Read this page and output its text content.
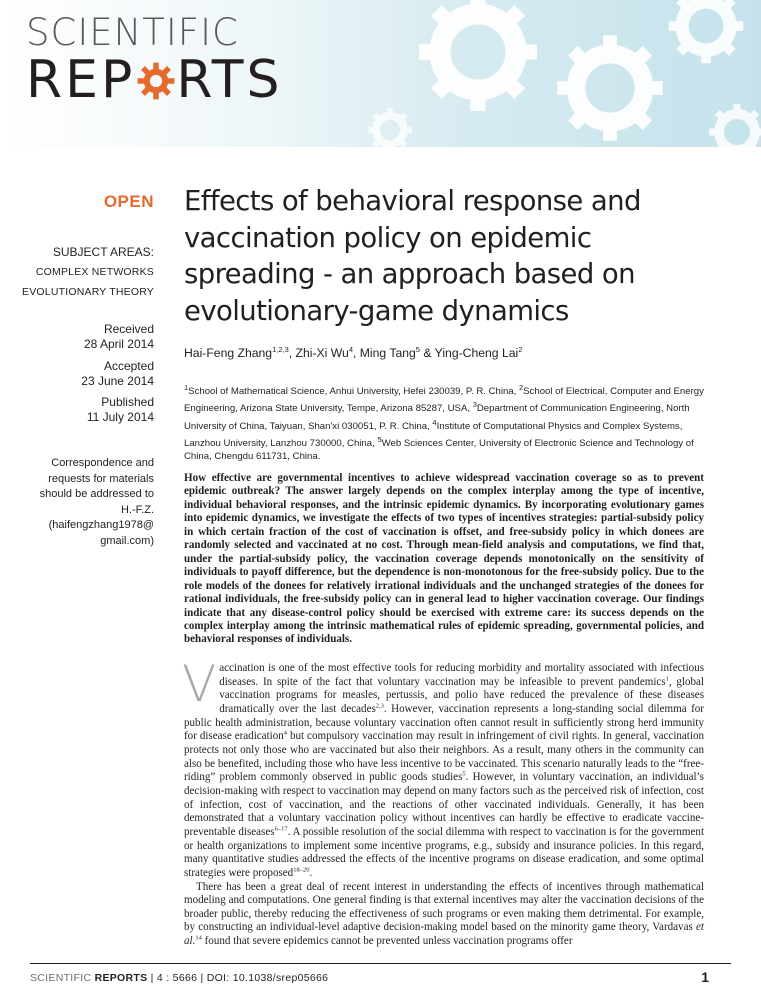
SCIENTIFIC
REP RTS
OPEN
SUBJECT AREAS:
COMPLEX NETWORKS
EVOLUTIONARY THEORY
Received
28 April 2014
Accepted
23 June 2014
Published
11 July 2014
Correspondence and
requests for materials
should be addressed to
H.-F.Z.
(haifengzhang1978@
gmail.com)
Effects of behavioral response and
vaccination policy on epidemic
spreading - an approach based on
evolutionary-game dynamics
Hai-Feng Zhang$^{1,2,3}$, Zhi-Xi Wu$^4$, Ming Tang$^5$ & Ying-Cheng Lai$^2$
$^1$School of Mathematical Science, Anhui University, Hefei 230039, P. R. China, $^2$School of Electrical, Computer and Energy Engineering, Arizona State University, Tempe, Arizona 85287, USA, $^3$Department of Communication Engineering, North University of China, Taiyuan, Shan'xi 030051, P. R. China, $^4$Institute of Computational Physics and Complex Systems, Lanzhou University, Lanzhou 730000, China, $^5$Web Sciences Center, University of Electronic Science and Technology of China, Chengdu 611731, China.
How effective are governmental incentives to achieve widespread vaccination coverage so as to prevent epidemic outbreak? The answer largely depends on the complex interplay among the type of incentive, individual behavioral responses, and the intrinsic epidemic dynamics. By incorporating evolutionary games into epidemic dynamics, we investigate the effects of two types of incentives strategies: partial-subsidy policy in which certain fraction of the cost of vaccination is offset, and free-subsidy policy in which donees are randomly selected and vaccinated at no cost. Through mean-field analysis and computations, we find that, under the partial-subsidy policy, the vaccination coverage depends monotonically on the sensitivity of individuals to payoff difference, but the dependence is non-monotonous for the free-subsidy policy. Due to the role models of the donees for relatively irrational individuals and the unchanged strategies of the donees for rational individuals, the free-subsidy policy can in general lead to higher vaccination coverage. Our findings indicate that any disease-control policy should be exercised with extreme care: its success depends on the complex interplay among the intrinsic mathematical rules of epidemic spreading, governmental policies, and behavioral responses of individuals.

Vaccination is one of the most effective tools for reducing morbidity and mortality associated with infectious diseases. In spite of the fact that voluntary vaccination may be infeasible to prevent pandemics$^1$, global vaccination programs for measles, pertussis, and polio have reduced the prevalence of these diseases dramatically over the last decades$^{2,3}$. However, vaccination represents a long-standing social dilemma for public health administration, because voluntary vaccination often cannot result in sufficiently strong herd immunity for disease eradication$^4$ but compulsory vaccination may result in infringement of civil rights. In general, vaccination protects not only those who are vaccinated but also their neighbors. As a result, many others in the community can also be benefited, including those who have less incentive to be vaccinated. This scenario naturally leads to the “free-riding” problem commonly observed in public goods studies$^5$. However, in voluntary vaccination, an individual’s decision-making with respect to vaccination may depend on many factors such as the perceived risk of infection, cost of infection, cost of vaccination, and the reactions of other vaccinated individuals. Generally, it has been demonstrated that a voluntary vaccination policy without incentives can hardly be effective to eradicate vaccine-preventable diseases$^{6-17}$. A possible resolution of the social dilemma with respect to vaccination is for the government or health organizations to implement some incentive programs, e.g., subsidy and insurance policies. In this regard, many quantitative studies addressed the effects of the incentive programs on disease eradication, and some optimal strategies were proposed$^{18-20}$.

There has been a great deal of recent interest in understanding the effects of incentives through mathematical modeling and computations. One general finding is that external incentives may alter the vaccination decisions of the broader public, thereby reducing the effectiveness of such programs or even making them detrimental. For example, by constructing an individual-level adaptive decision-making model based on the minority game theory, Vardavas et al.$^{14}$ found that severe epidemics cannot be prevented unless vaccination programs offer

SCIENTIFIC REPORTS | 4 : 5666 | DOI: 10.1038/srep05666	1
